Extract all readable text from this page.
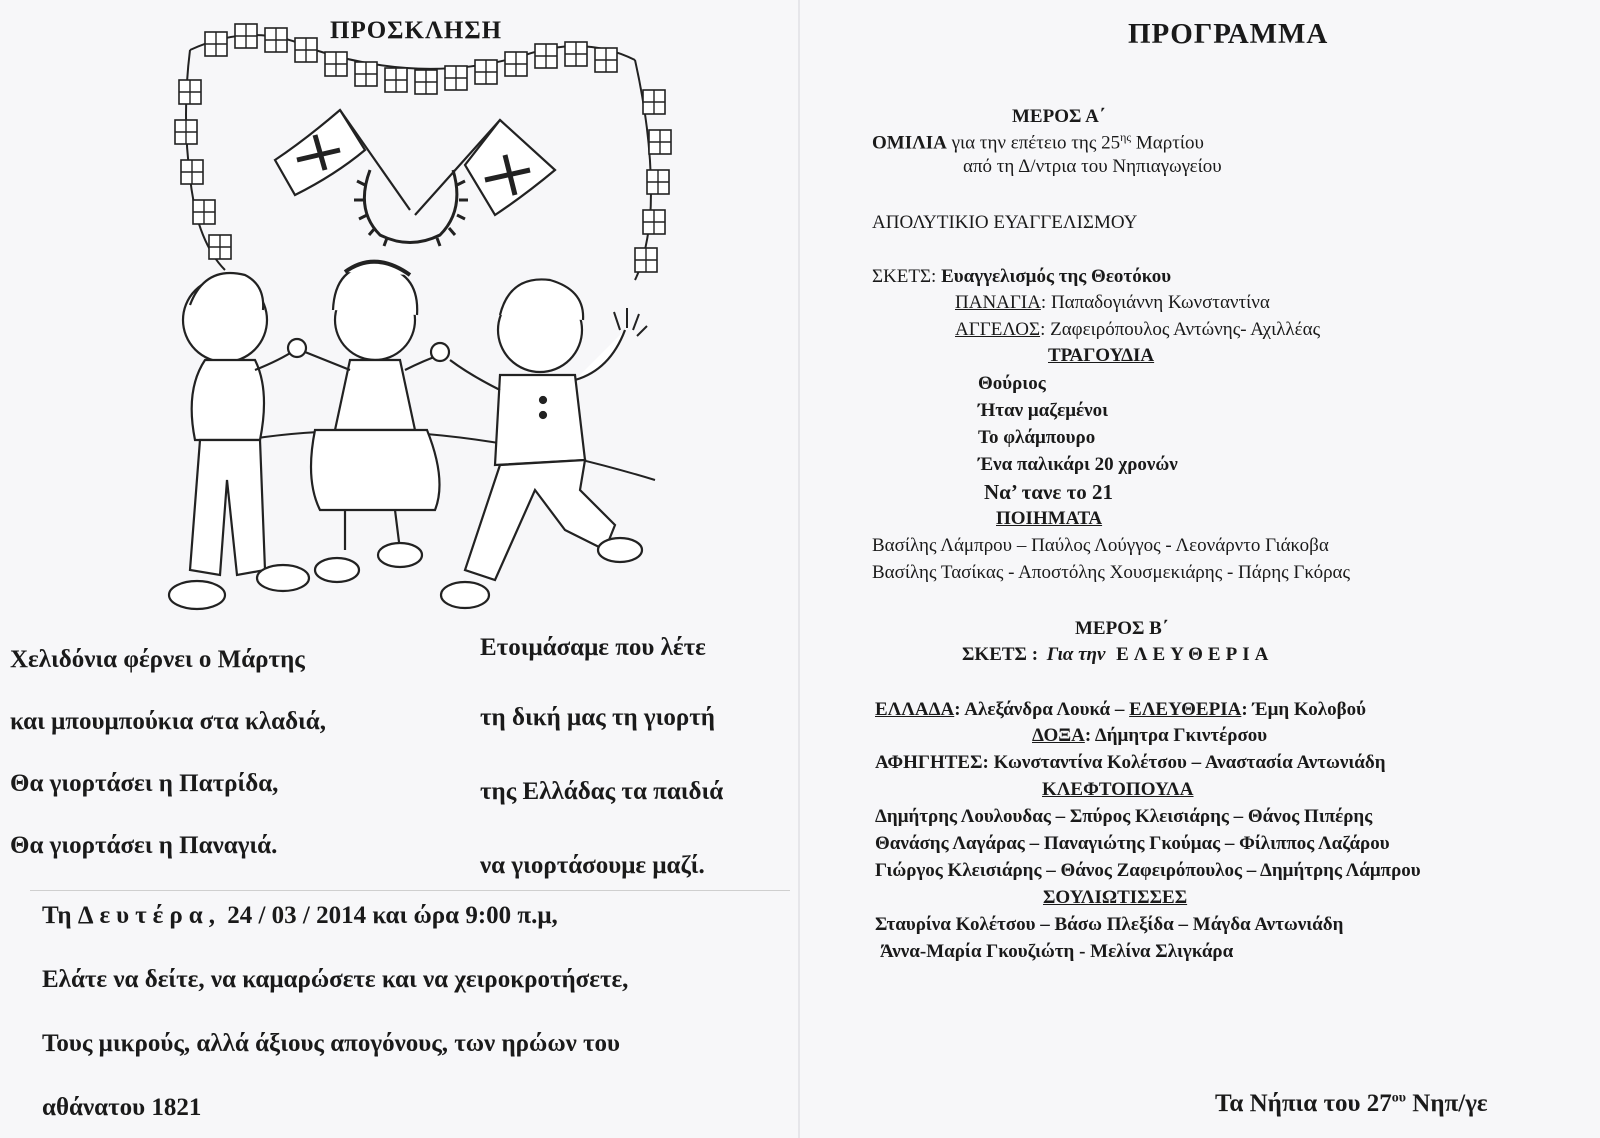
ΠΡΟΣΚΛΗΣΗ
Χελιδόνια φέρνει ο Μάρτης
και μπουμπούκια στα κλαδιά,
Θα γιορτάσει η Πατρίδα,
Θα γιορτάσει η Παναγιά.
Ετοιμάσαμε που λέτε
τη δική μας τη γιορτή
της Ελλάδας τα παιδιά
να γιορτάσουμε μαζί.
Τη Δευτέρα, 24 / 03 / 2014 και ώρα 9:00 π.μ,
Ελάτε να δείτε, να καμαρώσετε και να χειροκροτήσετε,
Τους μικρούς, αλλά άξιους απογόνους, των ηρώων του
αθάνατου 1821
ΠΡΟΓΡΑΜΜΑ
ΜΕΡΟΣ Α΄
ΟΜΙΛΙΑ για την επέτειο της $25^{\eta\varsigma}$ Μαρτίου
από τη Δ/ντρια του Νηπιαγωγείου
ΑΠΟΛΥΤΙΚΙΟ ΕΥΑΓΓΕΛΙΣΜΟΥ
ΣΚΕΤΣ: Ευαγγελισμός της Θεοτόκου
ΠΑΝΑΓΙΑ: Παπαδογιάννη Κωνσταντίνα
ΑΓΓΕΛΟΣ: Ζαφειρόπουλος Αντώνης- Αχιλλέας
ΤΡΑΓΟΥΔΙΑ
Θούριος
Ήταν μαζεμένοι
Το φλάμπουρο
Ένα παλικάρι 20 χρονών
Να’ τανε το 21
ΠΟΙΗΜΑΤΑ
Βασίλης Λάμπρου – Παύλος Λούγγος - Λεονάρντο Γιάκοβα
Βασίλης Τασίκας - Αποστόλης Χουσμεκιάρης - Πάρης Γκόρας
ΜΕΡΟΣ Β΄
ΣΚΕΤΣ : Για την ΕΛΕΥΘΕΡΙΑ
ΕΛΛΑΔΑ: Αλεξάνδρα Λουκά – ΕΛΕΥΘΕΡΙΑ: Έμη Κολοβού
ΔΟΞΑ: Δήμητρα Γκιντέρσου
ΑΦΗΓΗΤΕΣ: Κωνσταντίνα Κολέτσου – Αναστασία Αντωνιάδη
ΚΛΕΦΤΟΠΟΥΛΑ
Δημήτρης Λουλουδας – Σπύρος Κλεισιάρης – Θάνος Πιπέρης
Θανάσης Λαγάρας – Παναγιώτης Γκούμας – Φίλιππος Λαζάρου
Γιώργος Κλεισιάρης – Θάνος Ζαφειρόπουλος – Δημήτρης Λάμπρου
ΣΟΥΛΙΩΤΙΣΣΕΣ
Σταυρίνα Κολέτσου – Βάσω Πλεξίδα – Μάγδα Αντωνιάδη
Άννα-Μαρία Γκουζιώτη - Μελίνα Σλιγκάρα
Τα Νήπια του $27^{o\upsilon}$ Νηπ/γε
